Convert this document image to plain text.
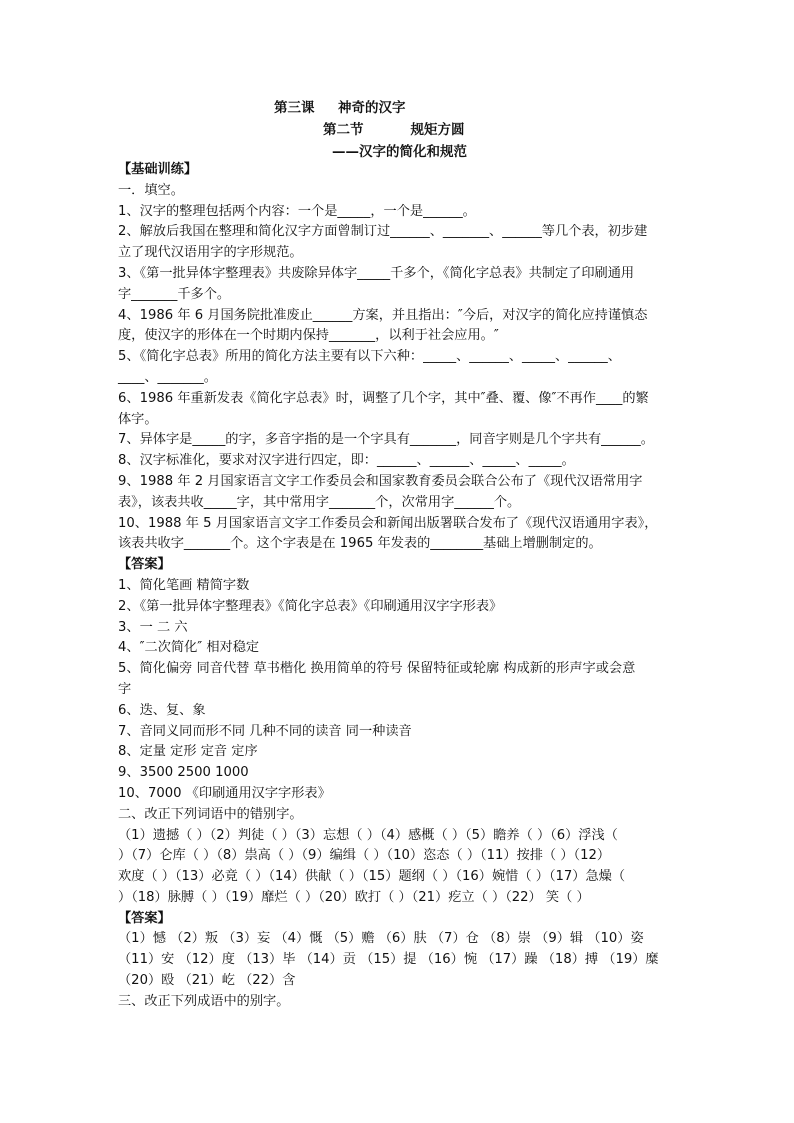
第三课     神奇的汉字
第二节          规矩方圆
——汉字的简化和规范
【基础训练】
一．填空。
1、汉字的整理包括两个内容：一个是_____，一个是______。
2、解放后我国在整理和简化汉字方面曾制订过______、_______、______等几个表，初步建
立了现代汉语用字的字形规范。
3、《第一批异体字整理表》共废除异体字_____千多个，《简化字总表》共制定了印刷通用
字_______千多个。
4、1986 年 6 月国务院批准废止______方案，并且指出：″今后，对汉字的简化应持谨慎态
度，使汉字的形体在一个时期内保持_______，以利于社会应用。″
5、《简化字总表》所用的简化方法主要有以下六种：_____、______、_____、______、
____、_______。
6、1986 年重新发表《简化字总表》时，调整了几个字，其中″叠、覆、像″不再作____的繁
体字。
7、异体字是_____的字，多音字指的是一个字具有_______，同音字则是几个字共有______。
8、汉字标准化，要求对汉字进行四定，即：______、______、_____、_____。
9、1988 年 2 月国家语言文字工作委员会和国家教育委员会联合公布了《现代汉语常用字
表》，该表共收_____字，其中常用字_______个，次常用字______个。
10、1988 年 5 月国家语言文字工作委员会和新闻出版署联合发布了《现代汉语通用字表》，
该表共收字_______个。这个字表是在 1965 年发表的________基础上增删制定的。
【答案】
1、简化笔画 精简字数
2、《第一批异体字整理表》《简化字总表》《印刷通用汉字字形表》
3、一 二 六
4、″二次简化″ 相对稳定
5、简化偏旁 同音代替 草书楷化 换用简单的符号 保留特征或轮廓 构成新的形声字或会意
字
6、迭、复、象
7、音同义同而形不同 几种不同的读音 同一种读音
8、定量 定形 定音 定序
9、3500 2500 1000
10、7000 《印刷通用汉字字形表》
二、改正下列词语中的错别字。
（1）遗撼（ ）（2）判徒（ ）（3）忘想（ ）（4）感概（ ）（5）瞻养（ ）（6）浮浅（
）（7）仑库（ ）（8）祟高（ ）（9）编缉（ ）（10）恣态（ ）（11）按排（ ）（12）
欢度（ ）（13）必竟（ ）（14）供献（ ）（15）题纲（ ）（16）婉惜（ ）（17）急燥（
）（18）脉膊（ ）（19）靡烂（ ）（20）欧打（ ）（21）疙立（ ）（22） 笑（ ）
【答案】
（1）憾 （2）叛 （3）妄 （4）慨 （5）赡 （6）肤 （7）仓 （8）崇 （9）辑 （10）姿
（11）安 （12）度 （13）毕 （14）贡 （15）提 （16）惋 （17）躁 （18）搏 （19）糜
（20）殴 （21）屹 （22）含
三、改正下列成语中的别字。
